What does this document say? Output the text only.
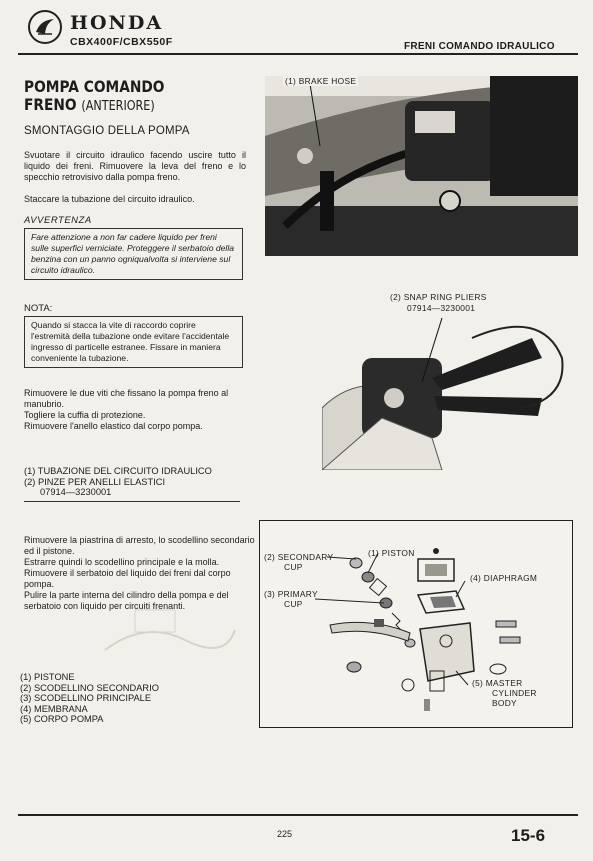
HONDA
CBX400F/CBX550F	FRENI COMANDO IDRAULICO
POMPA COMANDO
FRENO (ANTERIORE)
SMONTAGGIO DELLA POMPA
Svuotare il circuito idraulico facendo uscire tutto il liquido dei freni. Rimuovere la leva del freno e lo specchio retrovisivo dalla pompa freno.
Staccare la tubazione del circuito idraulico.
AVVERTENZA
Fare attenzione a non far cadere liquido per freni sulle superfici verniciate. Proteggere il serbatoio della benzina con un panno ogniqualvolta si interviene sul circuito idraulico.
NOTA:
Quando si stacca la vite di raccordo coprire l'estremità della tubazione onde evitare l'accidentale ingresso di particelle estranee. Fissare in maniera conveniente la tubazione.
Rimuovere le due viti che fissano la pompa freno al manubrio.
Togliere la cuffia di protezione.
Rimuovere l'anello elastico dal corpo pompa.
(1) TUBAZIONE DEL CIRCUITO IDRAULICO
(2) PINZE PER ANELLI ELASTICI
07914—3230001
Rimuovere la piastrina di arresto, lo scodellino secondario ed il pistone.
Estrarre quindi lo scodellino principale e la molla.
Rimuovere il serbatoio del liquido dei freni dal corpo pompa.
Pulire la parte interna del cilindro della pompa e del serbatoio con liquido per circuiti frenanti.
(1) PISTONE
(2) SCODELLINO SECONDARIO
(3) SCODELLINO PRINCIPALE
(4) MEMBRANA
(5) CORPO POMPA
(1) BRAKE HOSE
(2) SNAP RING PLIERS
07914—3230001
(1) PISTON
(2) SECONDARY
CUP
(3) PRIMARY
CUP
(4) DIAPHRAGM
(5) MASTER
CYLINDER
BODY
225	15-6
